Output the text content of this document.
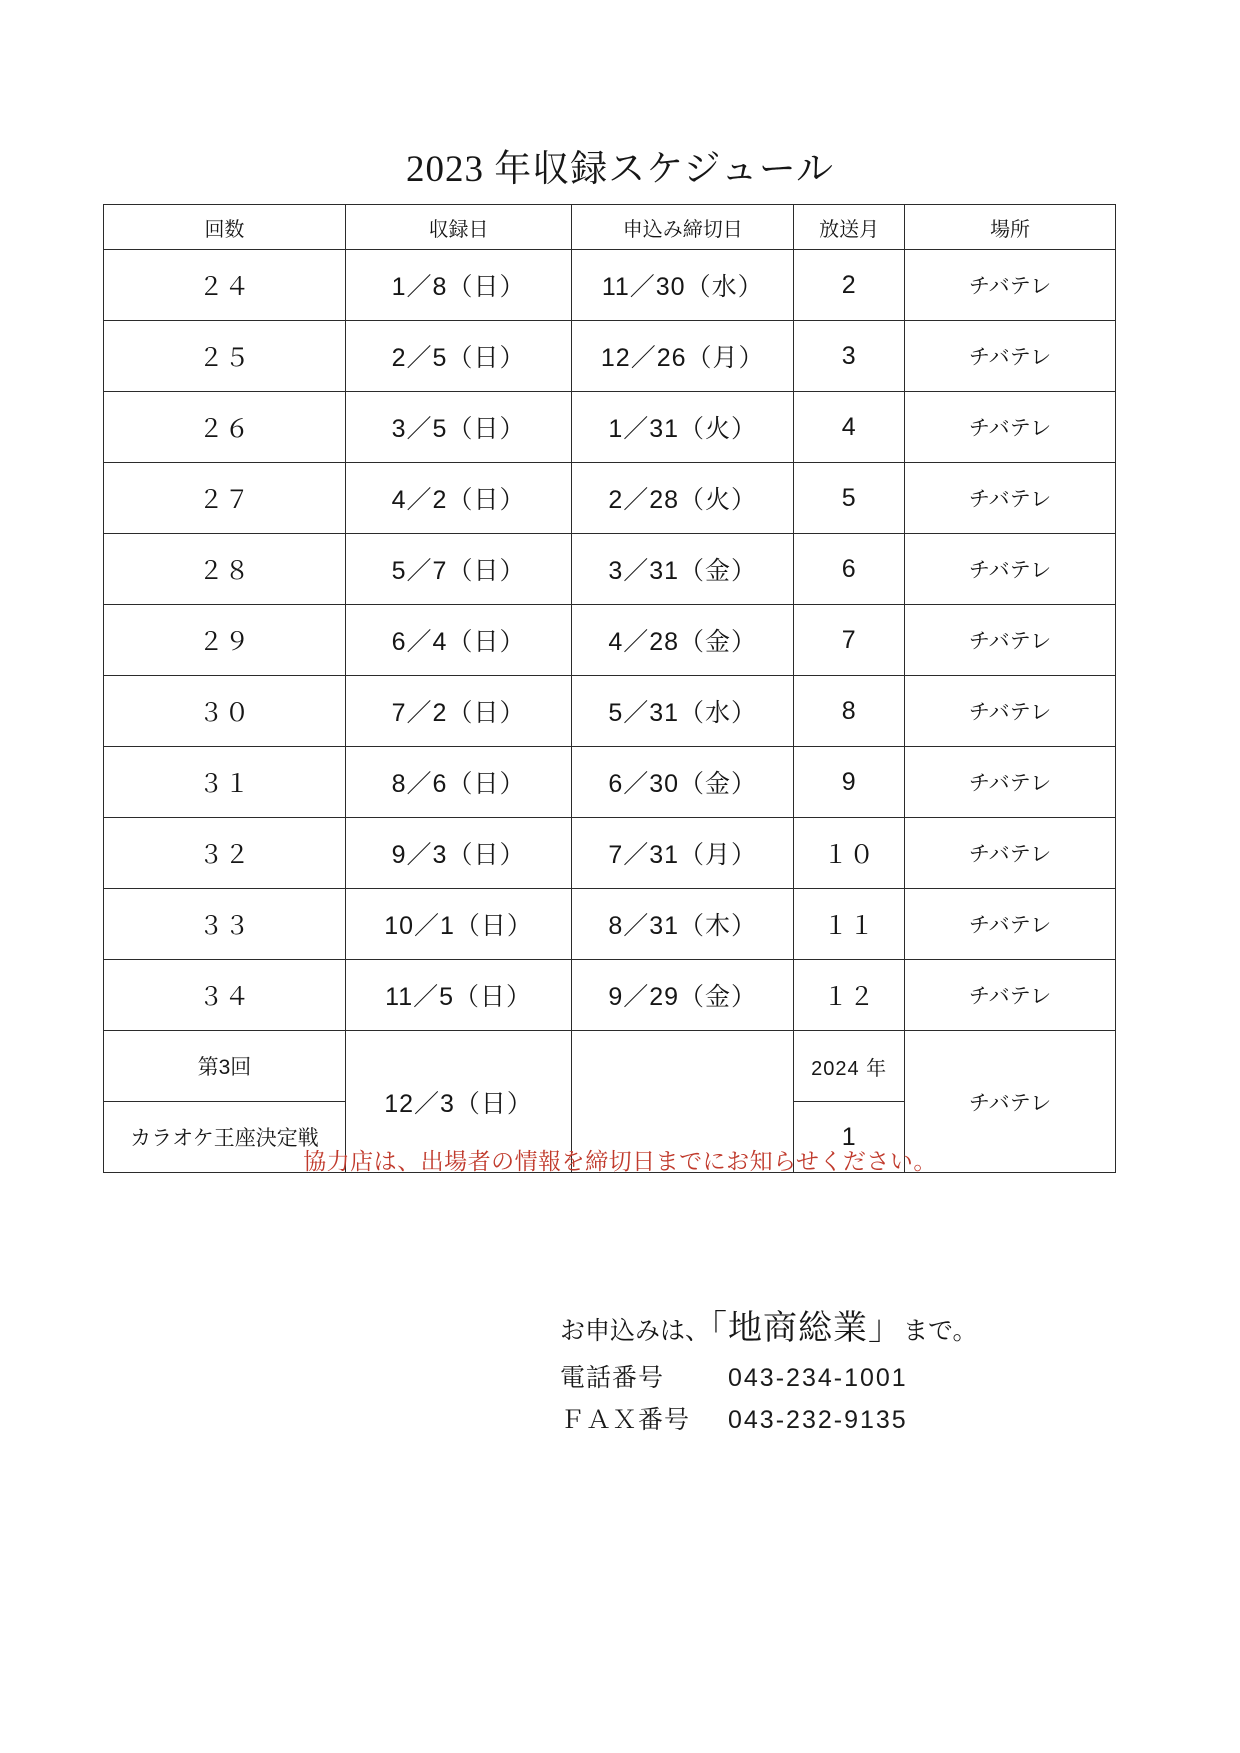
2023 年収録スケジュール
回数	収録日	申込み締切日	放送月	場所
２４	1／8（日）	11／30（水）	2	チバテレ
２５	2／5（日）	12／26（月）	3	チバテレ
２６	3／5（日）	1／31（火）	4	チバテレ
２７	4／2（日）	2／28（火）	5	チバテレ
２８	5／7（日）	3／31（金）	6	チバテレ
２９	6／4（日）	4／28（金）	7	チバテレ
３０	7／2（日）	5／31（水）	8	チバテレ
３１	8／6（日）	6／30（金）	9	チバテレ
３２	9／3（日）	7／31（月）	１０	チバテレ
３３	10／1（日）	8／31（木）	１１	チバテレ
３４	11／5（日）	9／29（金）	１２	チバテレ
第3回	12／3（日）		2024 年	チバテレ
カラオケ王座決定戦			1	
協力店は、出場者の情報を締切日までにお知らせください。
お申込みは、「地商総業」まで。
電話番号	043-234-1001
ＦＡＸ番号 043-232-9135
